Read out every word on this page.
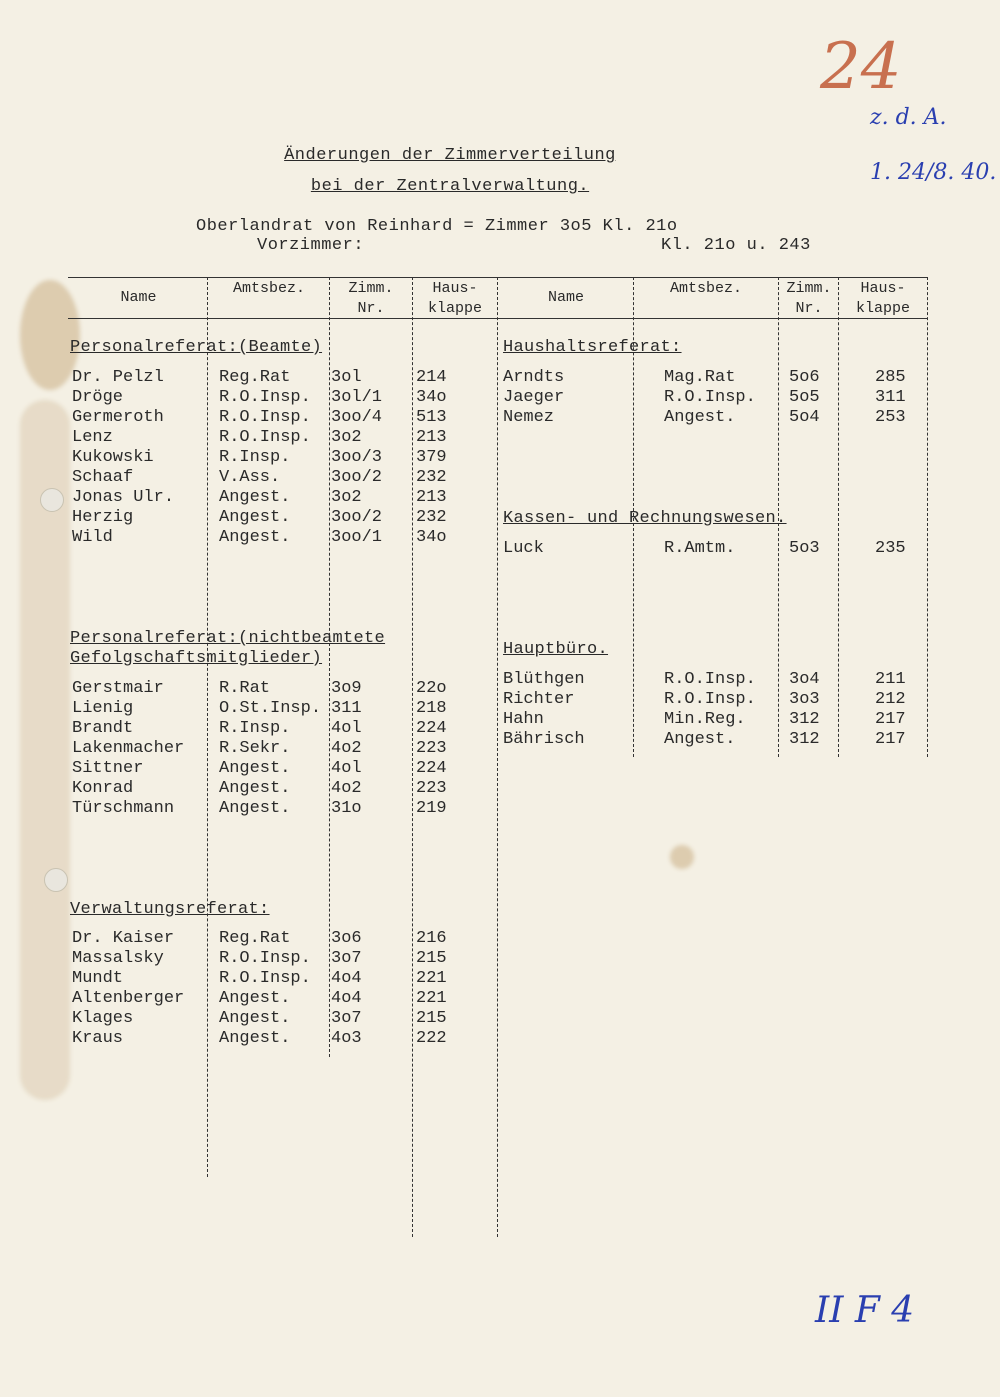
24
z. d. A.
1. 24/8. 40.
II F 4
Änderungen der Zimmerverteilung
bei der Zentralverwaltung.
Oberlandrat von Reinhard = Zimmer 3o5 Kl. 21o
Vorzimmer:	Kl. 21o u. 243
Name
Amtsbez.	Zimm.
Nr.
Haus-
klappe
Name
Amtsbez.	Zimm.
Nr.
Haus-
klappe
Personalreferat:(Beamte)
Dr. Pelzl	Reg.Rat 3ol	214
Dröge	R.O.Insp. 3ol/1 34o
Germeroth	R.O.Insp. 3oo/4 513
Lenz	R.O.Insp. 3o2	213
Kukowski	R.Insp. 3oo/3 379
Schaaf	V.Ass.	3oo/2 232
Jonas Ulr.	Angest. 3o2	213
Herzig	Angest. 3oo/2 232
Wild	Angest. 3oo/1 34o
Personalreferat:(nichtbeamtete
Gefolgschaftsmitglieder)
Gerstmair	R.Rat	3o9	22o
Lienig	O.St.Insp. 311	218
Brandt	R.Insp. 4ol	224
Lakenmacher R.Sekr. 4o2	223
Sittner	Angest. 4ol	224
Konrad	Angest. 4o2	223
Türschmann	Angest. 31o	219
Verwaltungsreferat:
Dr. Kaiser	Reg.Rat 3o6	216
Massalsky	R.O.Insp. 3o7	215
Mundt	R.O.Insp. 4o4	221
Altenberger Angest. 4o4	221
Klages	Angest. 3o7	215
Kraus	Angest. 4o3	222
Haushaltsreferat:
Arndts	Mag.Rat	5o6	285
Jaeger	R.O.Insp. 5o5	311
Nemez	Angest.	5o4	253
Kassen- und Rechnungswesen.
Luck	R.Amtm.	5o3	235
Hauptbüro.
Blüthgen	R.O.Insp. 3o4	211
Richter	R.O.Insp. 3o3	212
Hahn	Min.Reg.	312	217
Bährisch	Angest.	312	217
